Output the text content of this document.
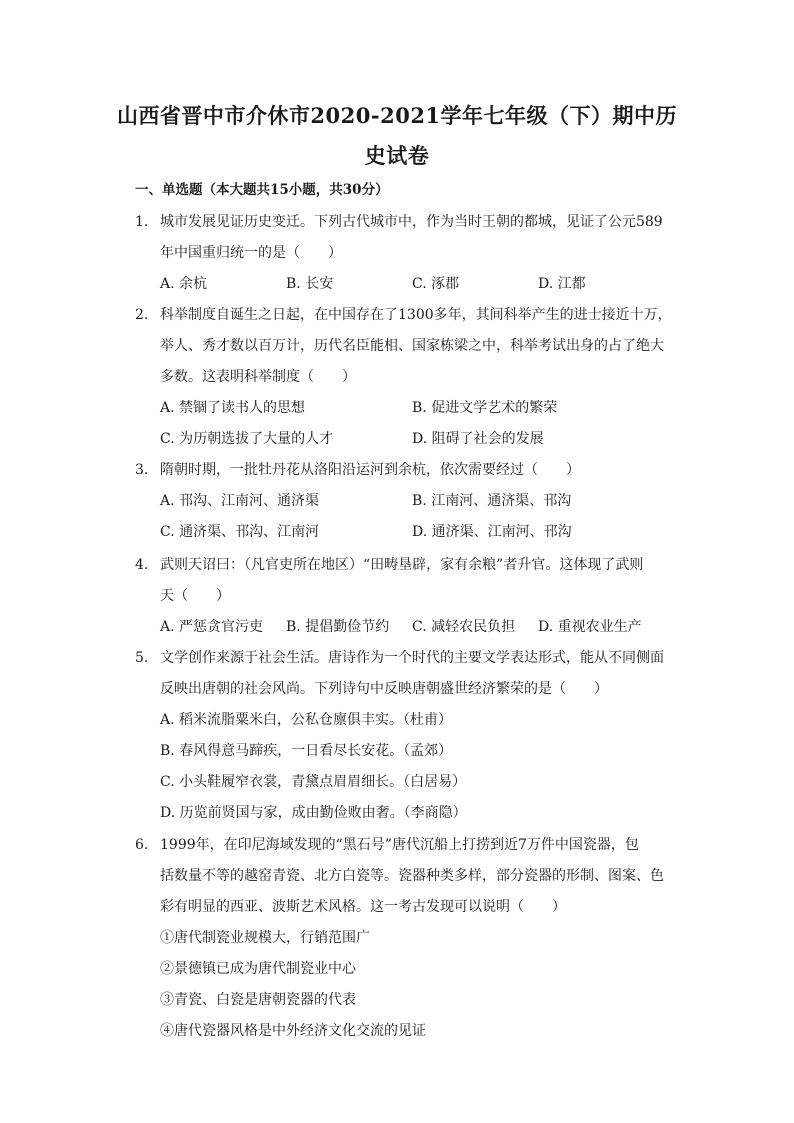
山西省晋中市介休市2020-2021学年七年级（下）期中历
史试卷
一、单选题（本大题共15小题，共30分）
1. 城市发展见证历史变迁。下列古代城市中，作为当时王朝的都城，见证了公元589
年中国重归统一的是（　　）
A. 余杭	B. 长安	C. 涿郡	D. 江都
2. 科举制度自诞生之日起，在中国存在了1300多年，其间科举产生的进士接近十万，
举人、秀才数以百万计，历代名臣能相、国家栋梁之中，科举考试出身的占了绝大
多数。这表明科举制度（　　）
A. 禁锢了读书人的思想	B. 促进文学艺术的繁荣
C. 为历朝选拔了大量的人才	D. 阻碍了社会的发展
3. 隋朝时期，一批牡丹花从洛阳沿运河到余杭，依次需要经过（　　）
A. 邗沟、江南河、通济渠	B. 江南河、通济渠、邗沟
C. 通济渠、邗沟、江南河	D. 通济渠、江南河、邗沟
4. 武则天诏曰：（凡官吏所在地区）“田畴垦辟，家有余粮”者升官。这体现了武则
天（　　）
A. 严惩贪官污吏 B. 提倡勤俭节约 C. 减轻农民负担 D. 重视农业生产
5. 文学创作来源于社会生活。唐诗作为一个时代的主要文学表达形式，能从不同侧面
反映出唐朝的社会风尚。下列诗句中反映唐朝盛世经济繁荣的是（　　）
A. 稻米流脂粟米白，公私仓廪俱丰实。（杜甫）
B. 春风得意马蹄疾，一日看尽长安花。（孟郊）
C. 小头鞋履窄衣裳，青黛点眉眉细长。（白居易）
D. 历览前贤国与家，成由勤俭败由奢。（李商隐）
6. 1999年，在印尼海域发现的“黑石号”唐代沉船上打捞到近7万件中国瓷器，包
括数量不等的越窑青瓷、北方白瓷等。瓷器种类多样，部分瓷器的形制、图案、色
彩有明显的西亚、波斯艺术风格。这一考古发现可以说明（　　）
①唐代制瓷业规模大，行销范围广
②景德镇已成为唐代制瓷业中心
③青瓷、白瓷是唐朝瓷器的代表
④唐代瓷器风格是中外经济文化交流的见证
